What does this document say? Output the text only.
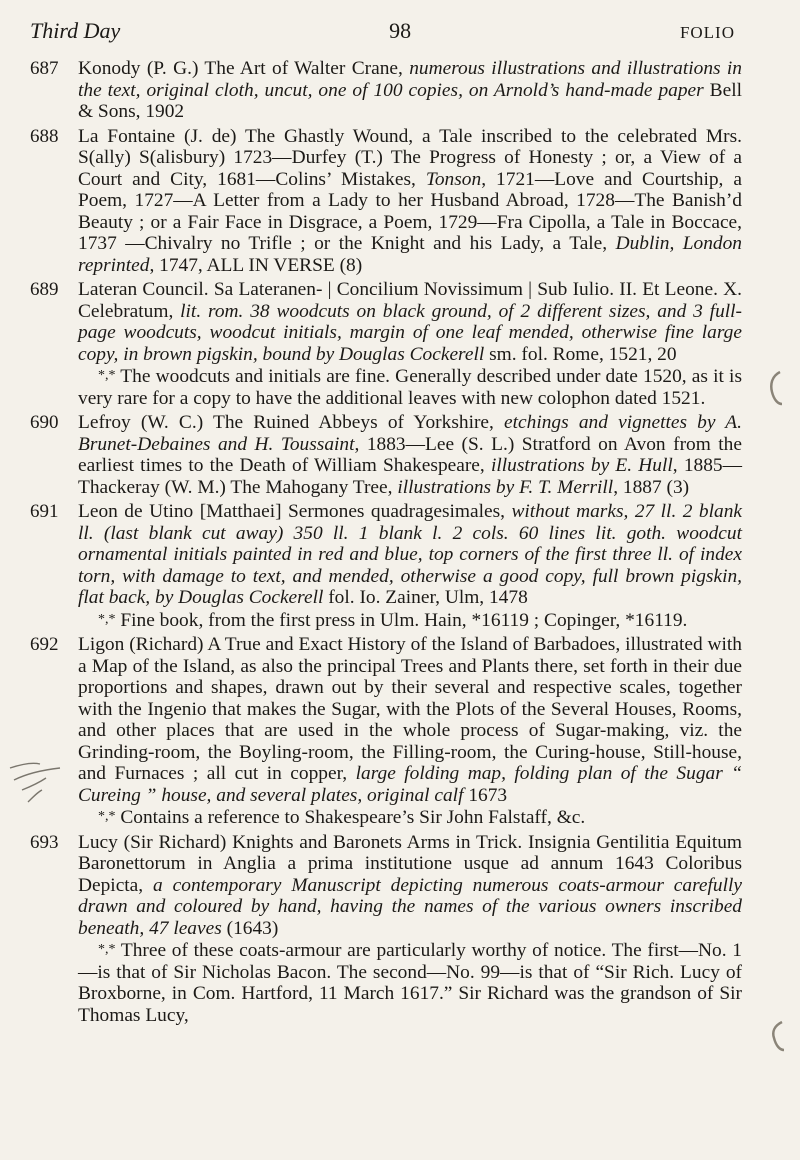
Third Day	98	FOLIO
687	Konody (P. G.) The Art of Walter Crane, numerous illustrations and illustrations in the text, original cloth, uncut, one of 100 copies, on Arnold’s hand-made paper Bell & Sons, 1902
688	La Fontaine (J. de) The Ghastly Wound, a Tale inscribed to the celebrated Mrs. S(ally) S(alisbury) 1723—Durfey (T.) The Progress of Honesty ; or, a View of a Court and City, 1681—Colins’ Mistakes, Tonson, 1721—Love and Courtship, a Poem, 1727—A Letter from a Lady to her Husband Abroad, 1728—The Banish’d Beauty ; or a Fair Face in Disgrace, a Poem, 1729—Fra Cipolla, a Tale in Boccace, 1737 —Chivalry no Trifle ; or the Knight and his Lady, a Tale, Dublin, London reprinted, 1747, ALL IN VERSE (8)
689	Lateran Council. Sa Lateranen- | Concilium Novissimum | Sub Iulio. II. Et Leone. X. Celebratum, lit. rom. 38 woodcuts on black ground, of 2 different sizes, and 3 full-page woodcuts, woodcut initials, margin of one leaf mended, otherwise fine large copy, in brown pigskin, bound by Douglas Cockerell sm. fol. Rome, 1521, 20
*,* The woodcuts and initials are fine. Generally described under date 1520, as it is very rare for a copy to have the additional leaves with new colophon dated 1521.
690	Lefroy (W. C.) The Ruined Abbeys of Yorkshire, etchings and vignettes by A. Brunet-Debaines and H. Toussaint, 1883—Lee (S. L.) Stratford on Avon from the earliest times to the Death of William Shakespeare, illustrations by E. Hull, 1885—Thackeray (W. M.) The Mahogany Tree, illustrations by F. T. Merrill, 1887 (3)
691	Leon de Utino [Matthaei] Sermones quadragesimales, without marks, 27 ll. 2 blank ll. (last blank cut away) 350 ll. 1 blank l. 2 cols. 60 lines lit. goth. woodcut ornamental initials painted in red and blue, top corners of the first three ll. of index torn, with damage to text, and mended, otherwise a good copy, full brown pigskin, flat back, by Douglas Cockerell fol. Io. Zainer, Ulm, 1478
*,* Fine book, from the first press in Ulm. Hain, *16119 ; Copinger, *16119.
692	Ligon (Richard) A True and Exact History of the Island of Barbadoes, illustrated with a Map of the Island, as also the principal Trees and Plants there, set forth in their due proportions and shapes, drawn out by their several and respective scales, together with the Ingenio that makes the Sugar, with the Plots of the Several Houses, Rooms, and other places that are used in the whole process of Sugar-making, viz. the Grinding-room, the Boyling-room, the Filling-room, the Curing-house, Still-house, and Furnaces ; all cut in copper, large folding map, folding plan of the Sugar “ Cureing ” house, and several plates, original calf 1673
*,* Contains a reference to Shakespeare’s Sir John Falstaff, &c.
693	Lucy (Sir Richard) Knights and Baronets Arms in Trick. Insignia Gentilitia Equitum Baronettorum in Anglia a prima institutione usque ad annum 1643 Coloribus Depicta, a contemporary Manuscript depicting numerous coats-armour carefully drawn and coloured by hand, having the names of the various owners inscribed beneath, 47 leaves (1643)
*,* Three of these coats-armour are particularly worthy of notice. The first—No. 1—is that of Sir Nicholas Bacon. The second—No. 99—is that of “Sir Rich. Lucy of Broxborne, in Com. Hartford, 11 March 1617.” Sir Richard was the grandson of Sir Thomas Lucy,
